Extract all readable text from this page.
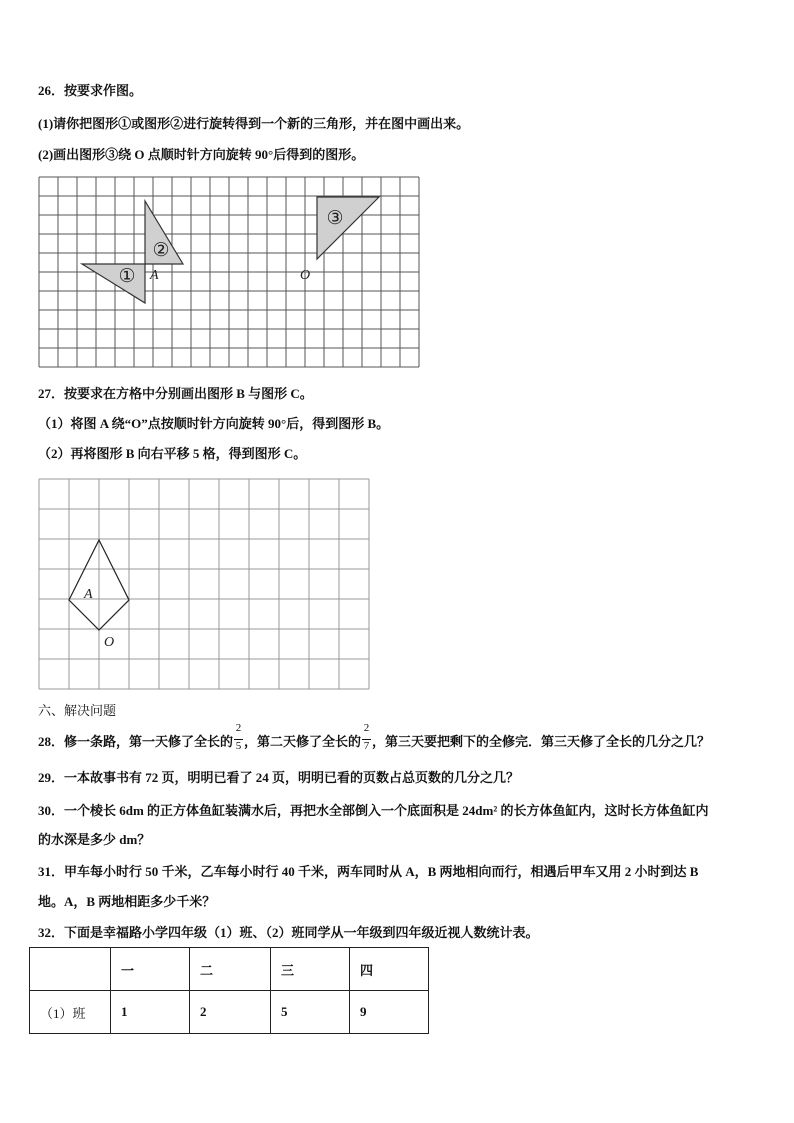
26．按要求作图。
(1)请你把图形①或图形②进行旋转得到一个新的三角形，并在图中画出来。
(2)画出图形③绕 O 点顺时针方向旋转 90°后得到的图形。
①
②
③
A	O
27．按要求在方格中分别画出图形 B 与图形 C。
（1）将图 A 绕“O”点按顺时针方向旋转 90°后，得到图形 B。
（2）再将图形 B 向右平移 5 格，得到图形 C。
A
O
六、解决问题
28．修一条路，第一天修了全长的 $\frac{2}{5}$ ，第二天修了全长的 $\frac{2}{7}$ ，第三天要把剩下的全修完．第三天修了全长的几分之几？
29．一本故事书有 72 页，明明已看了 24 页，明明已看的页数占总页数的几分之几？
30．一个棱长 6dm 的正方体鱼缸装满水后，再把水全部倒入一个底面积是 24dm² 的长方体鱼缸内，这时长方体鱼缸内
的水深是多少 dm？
31．甲车每小时行 50 千米，乙车每小时行 40 千米，两车同时从 A，B 两地相向而行，相遇后甲车又用 2 小时到达 B
地。A，B 两地相距多少千米？
32．下面是幸福路小学四年级（1）班、（2）班同学从一年级到四年级近视人数统计表。
	一	二	三	四
（1）班	1	2	5	9
